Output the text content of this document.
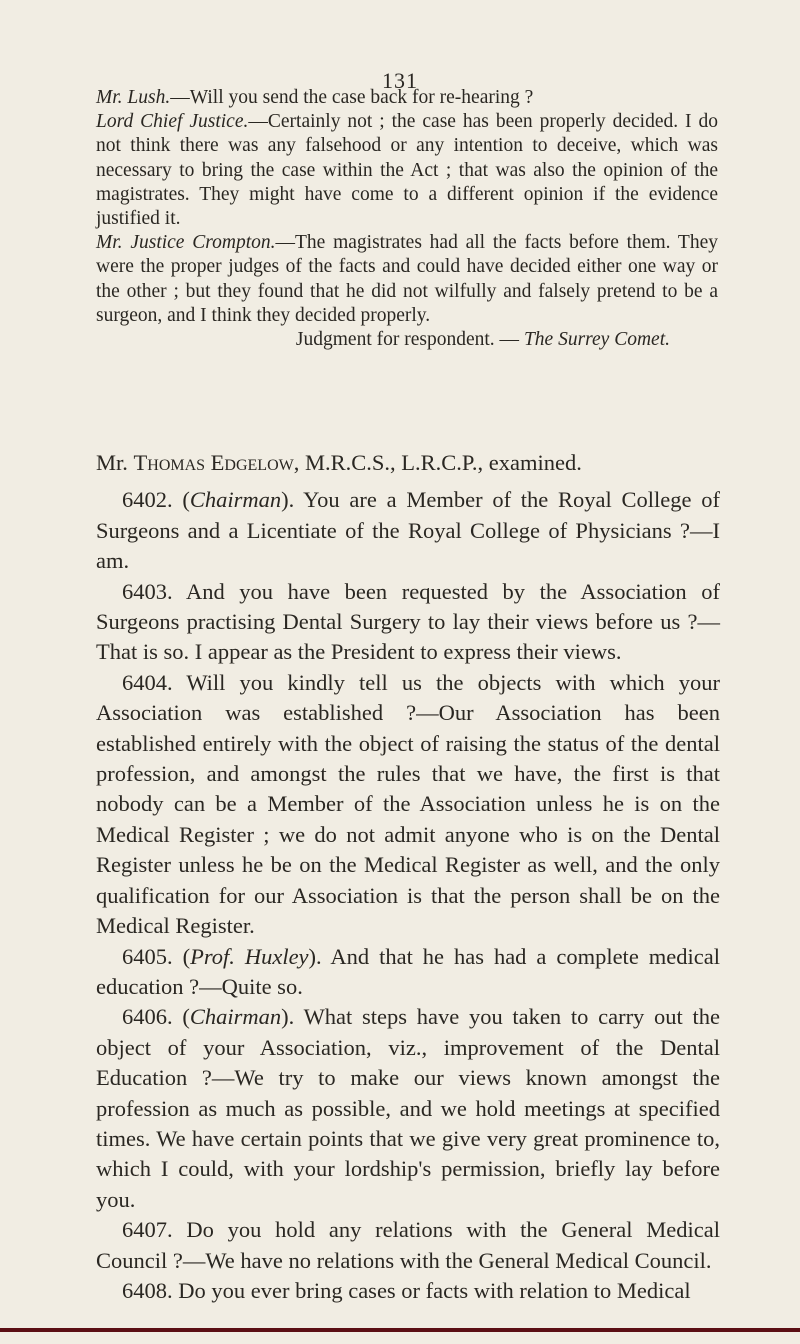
131

Mr. Lush.—Will you send the case back for re-hearing ?

Lord Chief Justice.—Certainly not ; the case has been properly decided. I do not think there was any falsehood or any intention to deceive, which was necessary to bring the case within the Act ; that was also the opinion of the magistrates. They might have come to a different opinion if the evidence justified it.

Mr. Justice Crompton.—The magistrates had all the facts before them. They were the proper judges of the facts and could have decided either one way or the other ; but they found that he did not wilfully and falsely pretend to be a surgeon, and I think they decided properly.

Judgment for respondent. — The Surrey Comet.

Mr. Thomas Edgelow, M.R.C.S., L.R.C.P., examined.

6402. (Chairman). You are a Member of the Royal College of Surgeons and a Licentiate of the Royal College of Physicians ?—I am.

6403. And you have been requested by the Association of Surgeons practising Dental Surgery to lay their views before us ?—That is so. I appear as the President to express their views.

6404. Will you kindly tell us the objects with which your Association was established ?—Our Association has been established entirely with the object of raising the status of the dental profession, and amongst the rules that we have, the first is that nobody can be a Member of the Association unless he is on the Medical Register ; we do not admit anyone who is on the Dental Register unless he be on the Medical Register as well, and the only qualification for our Association is that the person shall be on the Medical Register.

6405. (Prof. Huxley). And that he has had a complete medical education ?—Quite so.

6406. (Chairman). What steps have you taken to carry out the object of your Association, viz., improvement of the Dental Education ?—We try to make our views known amongst the profession as much as possible, and we hold meetings at specified times. We have certain points that we give very great prominence to, which I could, with your lordship's permission, briefly lay before you.

6407. Do you hold any relations with the General Medical Council ?—We have no relations with the General Medical Council.

6408. Do you ever bring cases or facts with relation to Medical
